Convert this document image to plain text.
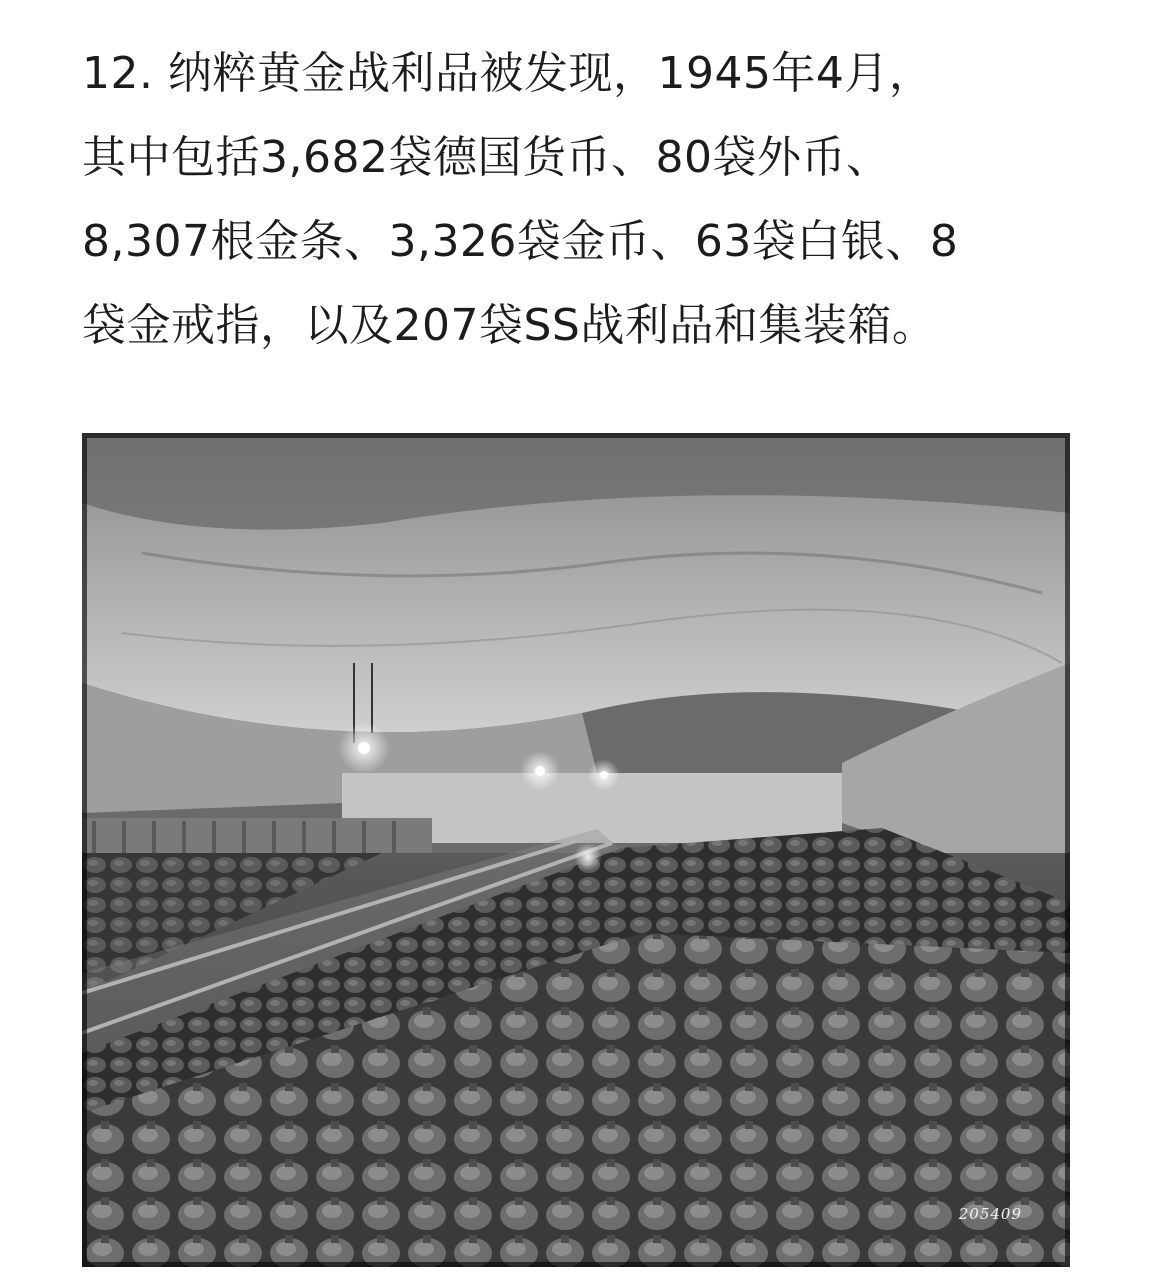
12. 纳粹黄金战利品被发现，1945年4月，
其中包括3,682袋德国货币、80袋外币、
8,307根金条、3,326袋金币、63袋白银、8
袋金戒指，以及207袋SS战利品和集装箱。
205409
